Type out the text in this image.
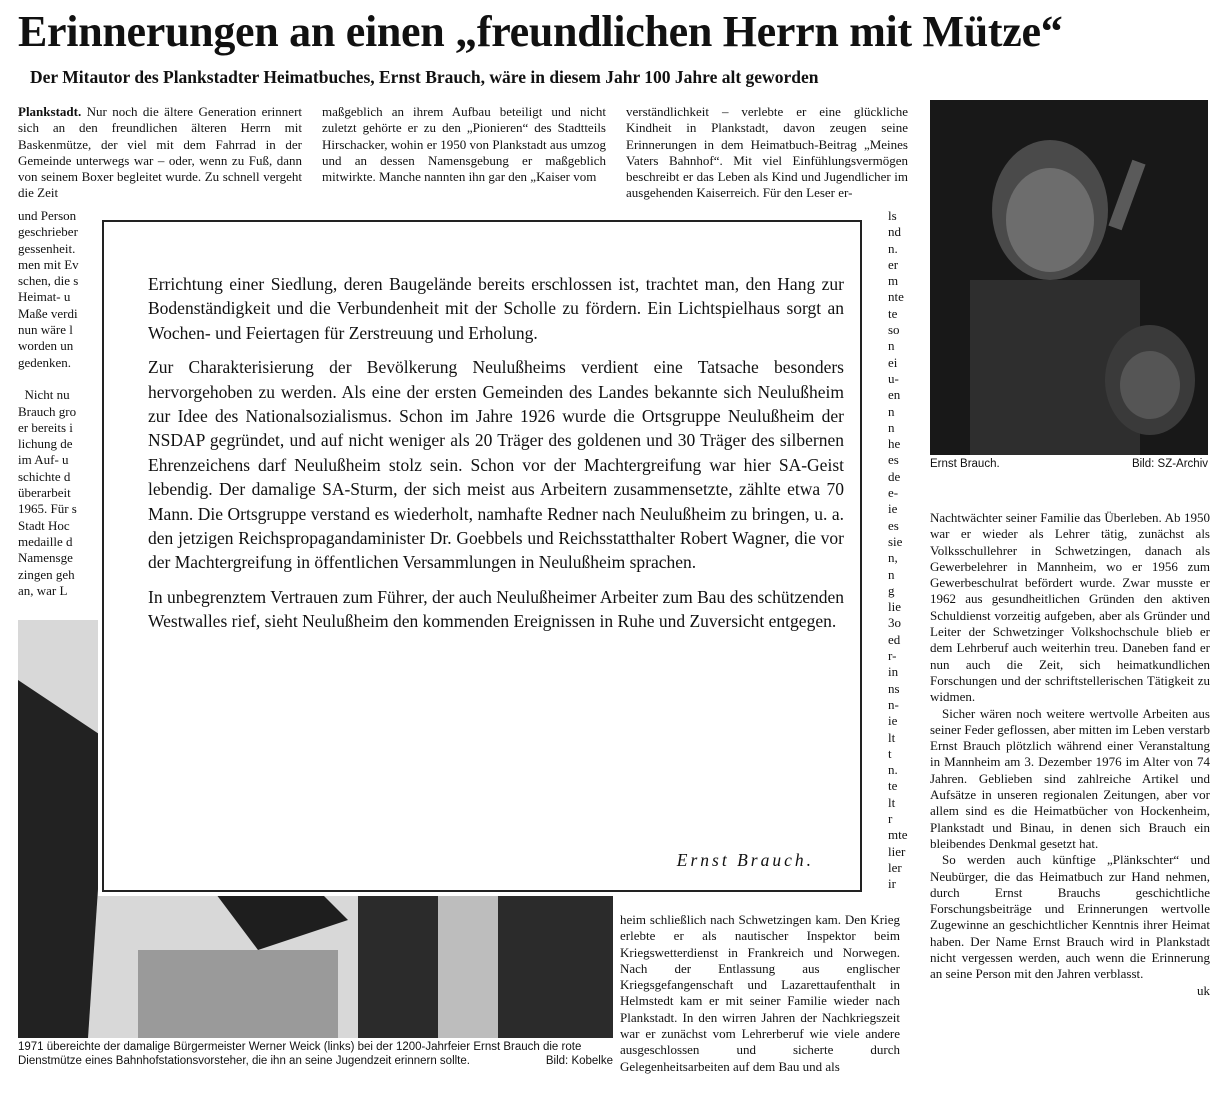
Erinnerungen an einen „freundlichen Herrn mit Mütze“
Der Mitautor des Plankstadter Heimatbuches, Ernst Brauch, wäre in diesem Jahr 100 Jahre alt geworden

Plankstadt. Nur noch die ältere Generation erinnert sich an den freundlichen älteren Herrn mit Baskenmütze, der viel mit dem Fahrrad in der Gemeinde unterwegs war – oder, wenn zu Fuß, dann von seinem Boxer begleitet wurde. Zu schnell vergeht die Zeit

und Person
geschrieber
gessenheit.
men mit Ev
schen, die s
Heimat- u
Maße verdi
nun wäre l
worden un
gedenken.

Nicht nu
Brauch gro
er bereits i
lichung de
im Auf- u
schichte d
überarbeit
1965. Für s
Stadt Hoc
medaille d
Namensge
zingen geh
an, war L

maßgeblich an ihrem Aufbau beteiligt und nicht zuletzt gehörte er zu den „Pionieren“ des Stadtteils Hirschacker, wohin er 1950 von Plankstadt aus umzog und an dessen Namensgebung er maßgeblich mitwirkte. Manche nannten ihn gar den „Kaiser vom

verständlichkeit – verlebte er eine glückliche Kindheit in Plankstadt, davon zeugen seine Erinnerungen in dem Heimatbuch-Beitrag „Meines Vaters Bahnhof“. Mit viel Einfühlungsvermögen beschreibt er das Leben als Kind und Jugendlicher im ausgehenden Kaiserreich. Für den Leser er-

ls
nd
n.
er
m
nte
te
so
n
ei
u-
en
n
n
he
es
de
e-
ie
es
sie
n,
n
g
lie
3o
ed
r-
in
ns
n-
ie
lt
t
n.
te
lt
r
mte
lier
ler
ir
Ernst Brauch.	Bild: SZ-Archiv

Nachtwächter seiner Familie das Überleben. Ab 1950 war er wieder als Lehrer tätig, zunächst als Volksschullehrer in Schwetzingen, danach als Gewerbelehrer in Mannheim, wo er 1956 zum Gewerbeschulrat befördert wurde. Zwar musste er 1962 aus gesundheitlichen Gründen den aktiven Schuldienst vorzeitig aufgeben, aber als Gründer und Leiter der Schwetzinger Volkshochschule blieb er dem Lehrberuf auch weiterhin treu. Daneben fand er nun auch die Zeit, sich heimatkundlichen Forschungen und der schriftstellerischen Tätigkeit zu widmen.

Sicher wären noch weitere wertvolle Arbeiten aus seiner Feder geflossen, aber mitten im Leben verstarb Ernst Brauch plötzlich während einer Veranstaltung in Mannheim am 3. Dezember 1976 im Alter von 74 Jahren. Geblieben sind zahlreiche Artikel und Aufsätze in unseren regionalen Zeitungen, aber vor allem sind es die Heimatbücher von Hockenheim, Plankstadt und Binau, in denen sich Brauch ein bleibendes Denkmal gesetzt hat.

So werden auch künftige „Plänkschter“ und Neubürger, die das Heimatbuch zur Hand nehmen, durch Ernst Brauchs geschichtliche Forschungsbeiträge und Erinnerungen wertvolle Zugewinne an geschichtlicher Kenntnis ihrer Heimat haben. Der Name Ernst Brauch wird in Plankstadt nicht vergessen werden, auch wenn die Erinnerung an seine Person mit den Jahren verblasst.

uk

1971 übereichte der damalige Bürgermeister Werner Weick (links) bei der 1200-Jahrfeier Ernst Brauch die rote Dienstmütze eines Bahnhofstationsvorsteher, die ihn an seine Jugendzeit erinnern sollte.	Bild: Kobelke

heim schließlich nach Schwetzingen kam. Den Krieg erlebte er als nautischer Inspektor beim Kriegswetterdienst in Frankreich und Norwegen. Nach der Entlassung aus englischer Kriegsgefangenschaft und Lazarettaufenthalt in Helmstedt kam er mit seiner Familie wieder nach Plankstadt. In den wirren Jahren der Nachkriegszeit war er zunächst vom Lehrerberuf wie viele andere ausgeschlossen und sicherte durch Gelegenheitsarbeiten auf dem Bau und als

Errichtung einer Siedlung, deren Baugelände bereits erschlossen ist, trachtet man, den Hang zur Bodenständigkeit und die Verbundenheit mit der Scholle zu fördern. Ein Lichtspielhaus sorgt an Wochen- und Feiertagen für Zerstreuung und Erholung.

Zur Charakterisierung der Bevölkerung Neulußheims verdient eine Tatsache besonders hervorgehoben zu werden. Als eine der ersten Gemeinden des Landes bekannte sich Neulußheim zur Idee des Nationalsozialismus. Schon im Jahre 1926 wurde die Ortsgruppe Neulußheim der NSDAP gegründet, und auf nicht weniger als 20 Träger des goldenen und 30 Träger des silbernen Ehrenzeichens darf Neulußheim stolz sein. Schon vor der Machtergreifung war hier SA-Geist lebendig. Der damalige SA-Sturm, der sich meist aus Arbeitern zusammensetzte, zählte etwa 70 Mann. Die Ortsgruppe verstand es wiederholt, namhafte Redner nach Neulußheim zu bringen, u. a. den jetzigen Reichspropagandaminister Dr. Goebbels und Reichsstatthalter Robert Wagner, die vor der Machtergreifung in öffentlichen Versammlungen in Neulußheim sprachen.

In unbegrenztem Vertrauen zum Führer, der auch Neulußheimer Arbeiter zum Bau des schützenden Westwalles rief, sieht Neulußheim den kommenden Ereignissen in Ruhe und Zuversicht entgegen.

Ernst Brauch.
